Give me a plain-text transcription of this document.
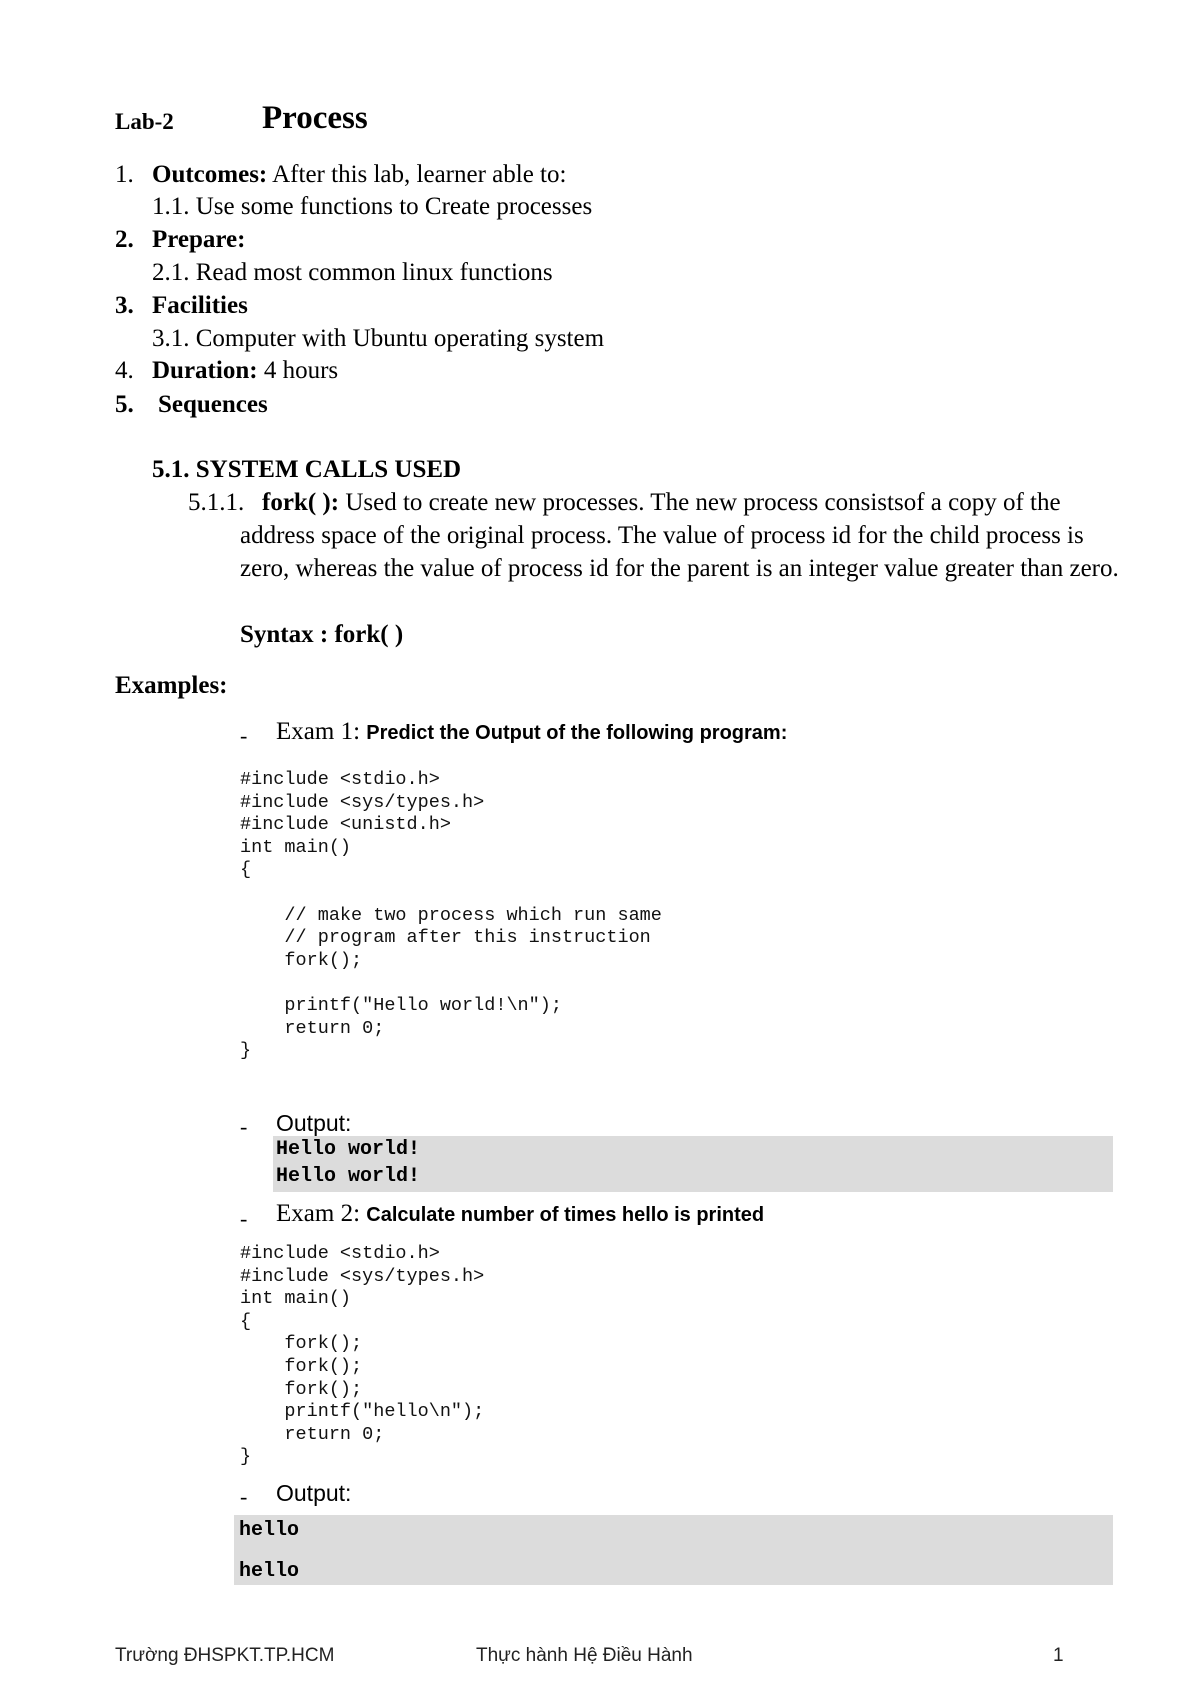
Lab-2	Process
1. Outcomes: After this lab, learner able to:
1.1. Use some functions to Create processes
2. Prepare:
2.1. Read most common linux functions
3. Facilities
3.1. Computer with Ubuntu operating system
4. Duration: 4 hours
5. Sequences
5.1. SYSTEM CALLS USED
5.1.1. fork( ): Used to create new processes. The new process consistsof a copy of the address space of the original process. The value of process id for the child process is zero, whereas the value of process id for the parent is an integer value greater than zero.
Syntax : fork( )
Examples:
- Exam 1: Predict the Output of the following program:
#include <stdio.h>
#include <sys/types.h>
#include <unistd.h>
int main()
{

// make two process which run same
// program after this instruction
fork();

printf("Hello world!\n");
return 0;
}
- Output:
Hello world!
Hello world!
- Exam 2: Calculate number of times hello is printed
#include <stdio.h>
#include <sys/types.h>
int main()
{
fork();
fork();
fork();
printf("hello\n");
return 0;
}
- Output:
hello
hello
Trường ĐHSPKT.TP.HCM	Thực hành Hệ Điều Hành	1
